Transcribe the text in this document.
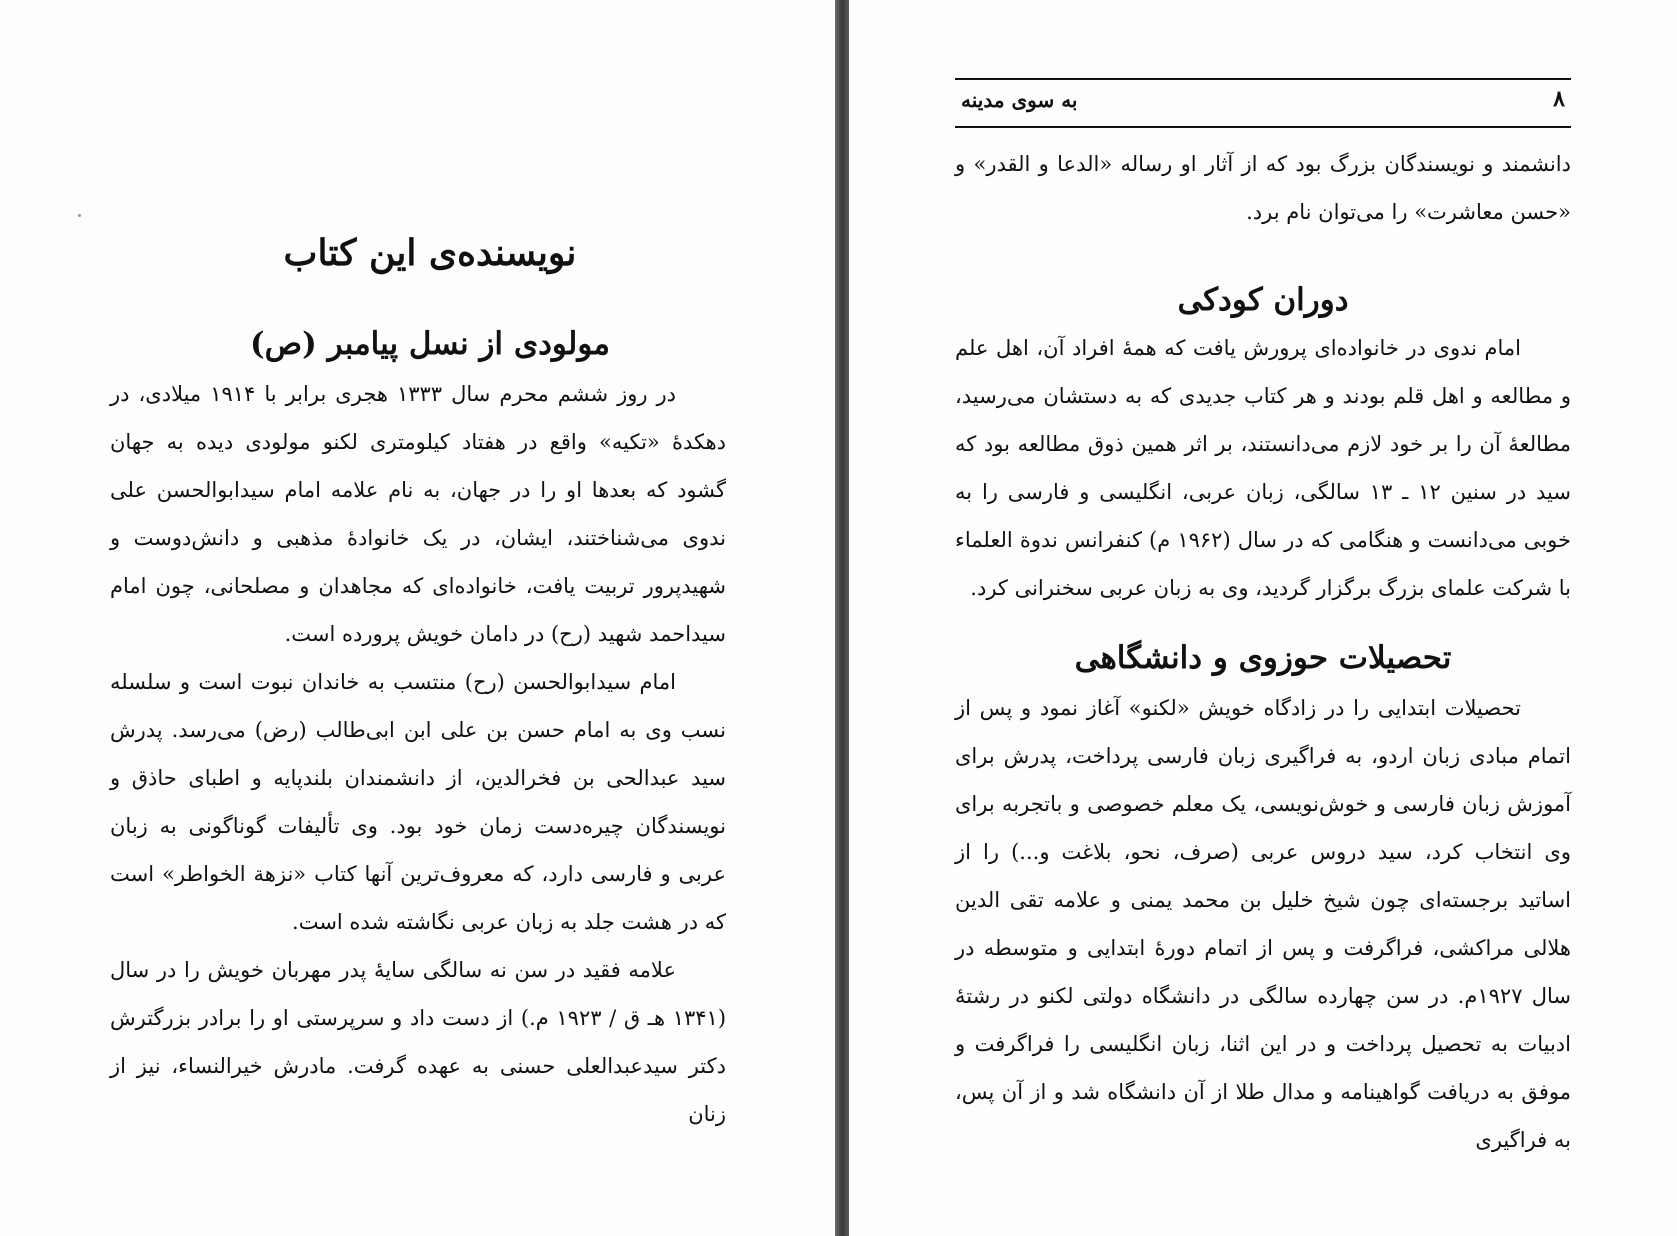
نویسنده‌ی این کتاب
مولودی از نسل پیامبر (ص)

در روز ششم محرم سال ۱۳۳۳ هجری برابر با ۱۹۱۴ میلادی، در دهکدهٔ «تکیه» واقع در هفتاد کیلومتری لکنو مولودی دیده به جهان گشود که بعدها او را در جهان، به نام علامه امام سیدابوالحسن علی ندوی می‌شناختند، ایشان، در یک خانوادهٔ مذهبی و دانش‌دوست و شهیدپرور تربیت یافت، خانواده‌ای که مجاهدان و مصلحانی، چون امام سیداحمد شهید (رح) در دامان خویش پرورده است.

امام سیدابوالحسن (رح) منتسب به خاندان نبوت است و سلسله نسب وی به امام حسن بن علی ابن ابی‌طالب (رض) می‌رسد. پدرش سید عبدالحی بن فخرالدین، از دانشمندان بلندپایه و اطبای حاذق و نویسندگان چیره‌دست زمان خود بود. وی تألیفات گوناگونی به زبان عربی و فارسی دارد، که معروف‌ترین آنها کتاب «نزهة الخواطر» است که در هشت جلد به زبان عربی نگاشته شده است.

علامه فقید در سن نه سالگی سایهٔ پدر مهربان خویش را در سال (۱۳۴۱ هـ ق / ۱۹۲۳ م.) از دست داد و سرپرستی او را برادر بزرگترش دکتر سیدعبدالعلی حسنی به عهده گرفت. مادرش خیرالنساء، نیز از زنان

۸
به سوی مدینه

دانشمند و نویسندگان بزرگ بود که از آثار او رساله «الدعا و القدر» و «حسن معاشرت» را می‌توان نام برد.

دوران کودکی

امام ندوی در خانواده‌ای پرورش یافت که همهٔ افراد آن، اهل علم و مطالعه و اهل قلم بودند و هر کتاب جدیدی که به دستشان می‌رسید، مطالعهٔ آن را بر خود لازم می‌دانستند، بر اثر همین ذوق مطالعه بود که سید در سنین ۱۲ ـ ۱۳ سالگی، زبان عربی، انگلیسی و فارسی را به خوبی می‌دانست و هنگامی که در سال (۱۹۶۲ م) کنفرانس ندوة العلماء با شرکت علمای بزرگ برگزار گردید، وی به زبان عربی سخنرانی کرد.

تحصیلات حوزوی و دانشگاهی

تحصیلات ابتدایی را در زادگاه خویش «لکنو» آغاز نمود و پس از اتمام مبادی زبان اردو، به فراگیری زبان فارسی پرداخت، پدرش برای آموزش زبان فارسی و خوش‌نویسی، یک معلم خصوصی و باتجربه برای وی انتخاب کرد، سید دروس عربی (صرف، نحو، بلاغت و...) را از اساتید برجسته‌ای چون شیخ خلیل بن محمد یمنی و علامه تقی الدین هلالی مراکشی، فراگرفت و پس از اتمام دورهٔ ابتدایی و متوسطه در سال ۱۹۲۷م. در سن چهارده سالگی در دانشگاه دولتی لکنو در رشتهٔ ادبیات به تحصیل پرداخت و در این اثنا، زبان انگلیسی را فراگرفت و موفق به دریافت گواهینامه و مدال طلا از آن دانشگاه شد و از آن پس، به فراگیری
